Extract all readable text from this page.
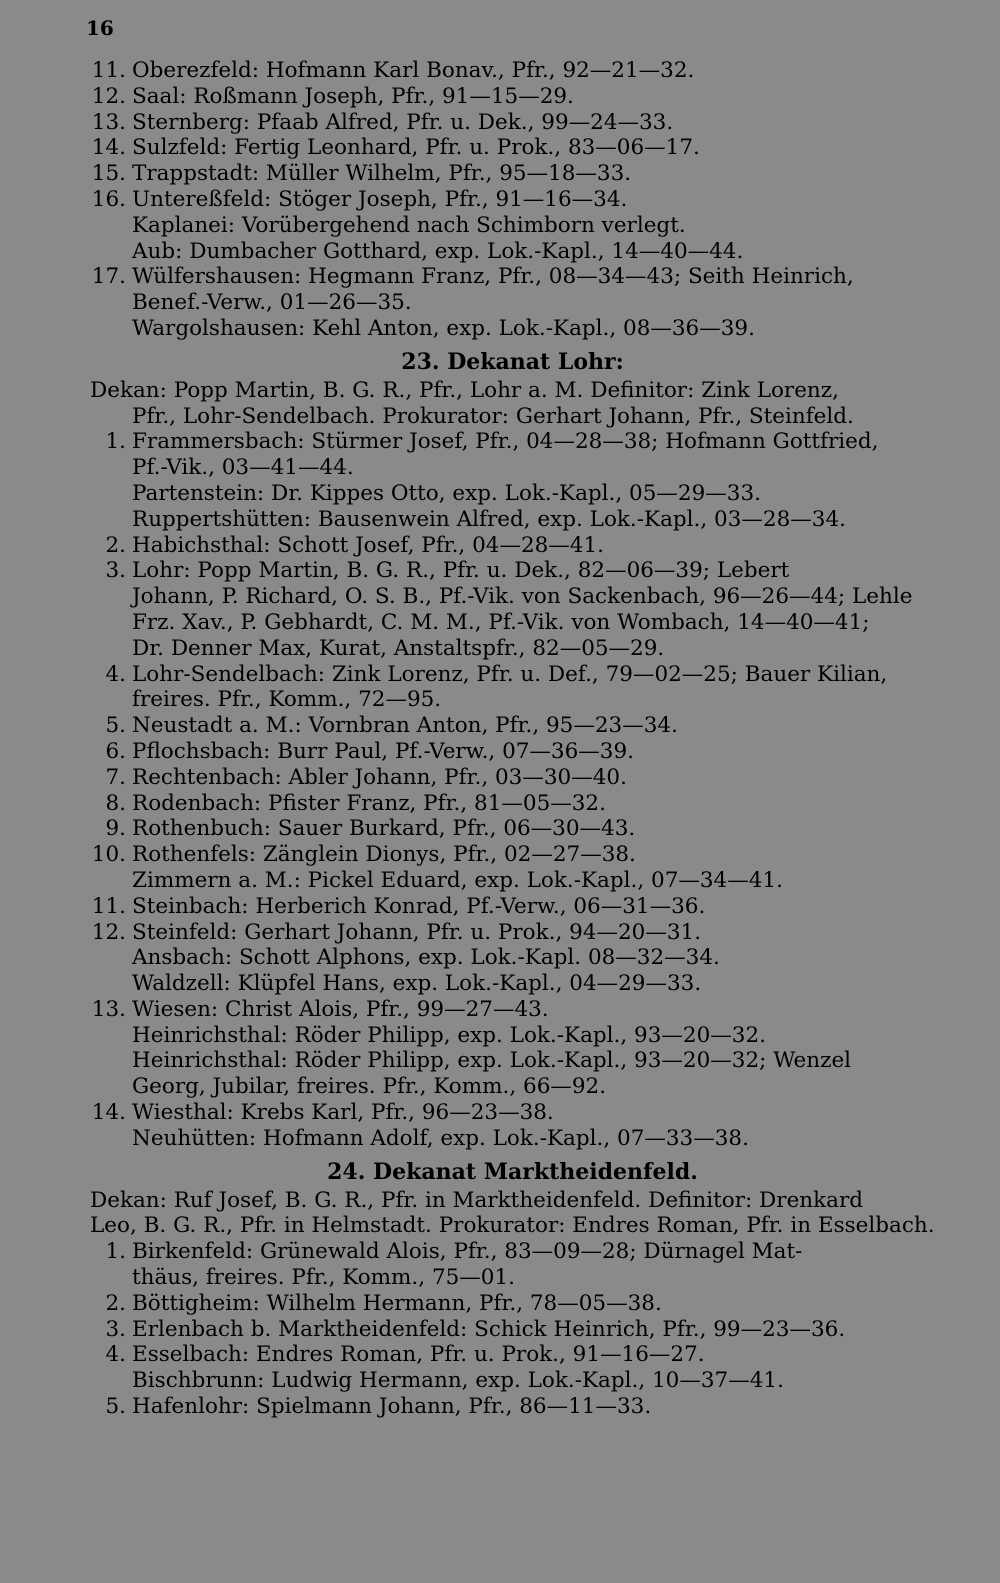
16
11. Oberezfeld: Hofmann Karl Bonav., Pfr., 92—21—32.
12. Saal: Roßmann Joseph, Pfr., 91—15—29.
13. Sternberg: Pfaab Alfred, Pfr. u. Dek., 99—24—33.
14. Sulzfeld: Fertig Leonhard, Pfr. u. Prok., 83—06—17.
15. Trappstadt: Müller Wilhelm, Pfr., 95—18—33.
16. Untereßfeld: Stöger Joseph, Pfr., 91—16—34.
Kaplanei: Vorübergehend nach Schimborn verlegt.
Aub: Dumbacher Gotthard, exp. Lok.-Kapl., 14—40—44.
17. Wülfershausen: Hegmann Franz, Pfr., 08—34—43; Seith Heinrich,
Benef.-Verw., 01—26—35.
Wargolshausen: Kehl Anton, exp. Lok.-Kapl., 08—36—39.
23. Dekanat Lohr:
Dekan: Popp Martin, B. G. R., Pfr., Lohr a. M. Definitor: Zink Lorenz,
Pfr., Lohr-Sendelbach. Prokurator: Gerhart Johann, Pfr., Steinfeld.
1. Frammersbach: Stürmer Josef, Pfr., 04—28—38; Hofmann Gottfried,
Pf.-Vik., 03—41—44.
Partenstein: Dr. Kippes Otto, exp. Lok.-Kapl., 05—29—33.
Ruppertshütten: Bausenwein Alfred, exp. Lok.-Kapl., 03—28—34.
2. Habichsthal: Schott Josef, Pfr., 04—28—41.
3. Lohr: Popp Martin, B. G. R., Pfr. u. Dek., 82—06—39; Lebert
Johann, P. Richard, O. S. B., Pf.-Vik. von Sackenbach, 96—26—44; Lehle
Frz. Xav., P. Gebhardt, C. M. M., Pf.-Vik. von Wombach, 14—40—41;
Dr. Denner Max, Kurat, Anstaltspfr., 82—05—29.
4. Lohr-Sendelbach: Zink Lorenz, Pfr. u. Def., 79—02—25; Bauer Kilian,
freires. Pfr., Komm., 72—95.
5. Neustadt a. M.: Vornbran Anton, Pfr., 95—23—34.
6. Pflochsbach: Burr Paul, Pf.-Verw., 07—36—39.
7. Rechtenbach: Abler Johann, Pfr., 03—30—40.
8. Rodenbach: Pfister Franz, Pfr., 81—05—32.
9. Rothenbuch: Sauer Burkard, Pfr., 06—30—43.
10. Rothenfels: Zänglein Dionys, Pfr., 02—27—38.
Zimmern a. M.: Pickel Eduard, exp. Lok.-Kapl., 07—34—41.
11. Steinbach: Herberich Konrad, Pf.-Verw., 06—31—36.
12. Steinfeld: Gerhart Johann, Pfr. u. Prok., 94—20—31.
Ansbach: Schott Alphons, exp. Lok.-Kapl. 08—32—34.
Waldzell: Klüpfel Hans, exp. Lok.-Kapl., 04—29—33.
13. Wiesen: Christ Alois, Pfr., 99—27—43.
Heinrichsthal: Röder Philipp, exp. Lok.-Kapl., 93—20—32.
Heinrichsthal: Röder Philipp, exp. Lok.-Kapl., 93—20—32; Wenzel
Georg, Jubilar, freires. Pfr., Komm., 66—92.
14. Wiesthal: Krebs Karl, Pfr., 96—23—38.
Neuhütten: Hofmann Adolf, exp. Lok.-Kapl., 07—33—38.
24. Dekanat Marktheidenfeld.
Dekan: Ruf Josef, B. G. R., Pfr. in Marktheidenfeld. Definitor: Drenkard
Leo, B. G. R., Pfr. in Helmstadt. Prokurator: Endres Roman, Pfr. in Esselbach.
1. Birkenfeld: Grünewald Alois, Pfr., 83—09—28; Dürnagel Mat-
thäus, freires. Pfr., Komm., 75—01.
2. Böttigheim: Wilhelm Hermann, Pfr., 78—05—38.
3. Erlenbach b. Marktheidenfeld: Schick Heinrich, Pfr., 99—23—36.
4. Esselbach: Endres Roman, Pfr. u. Prok., 91—16—27.
Bischbrunn: Ludwig Hermann, exp. Lok.-Kapl., 10—37—41.
5. Hafenlohr: Spielmann Johann, Pfr., 86—11—33.
